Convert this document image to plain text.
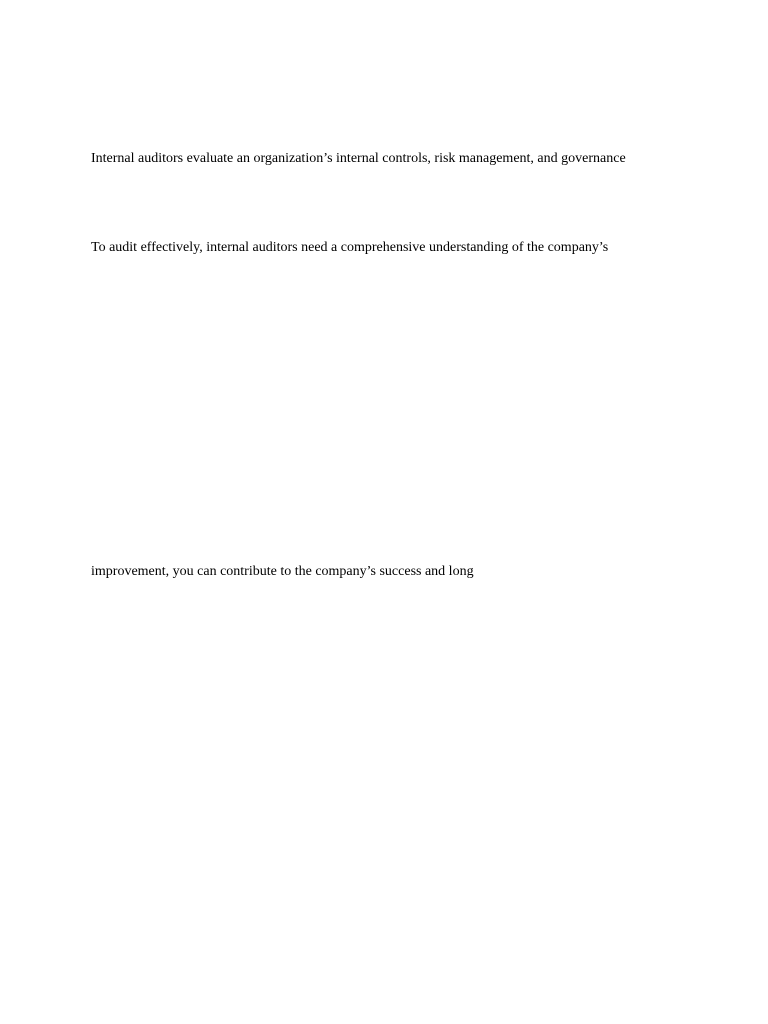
Internal auditors evaluate an organization’s internal controls, risk management, and governance

To audit effectively, internal auditors need a comprehensive understanding of the company’s

improvement, you can contribute to the company’s success and long
